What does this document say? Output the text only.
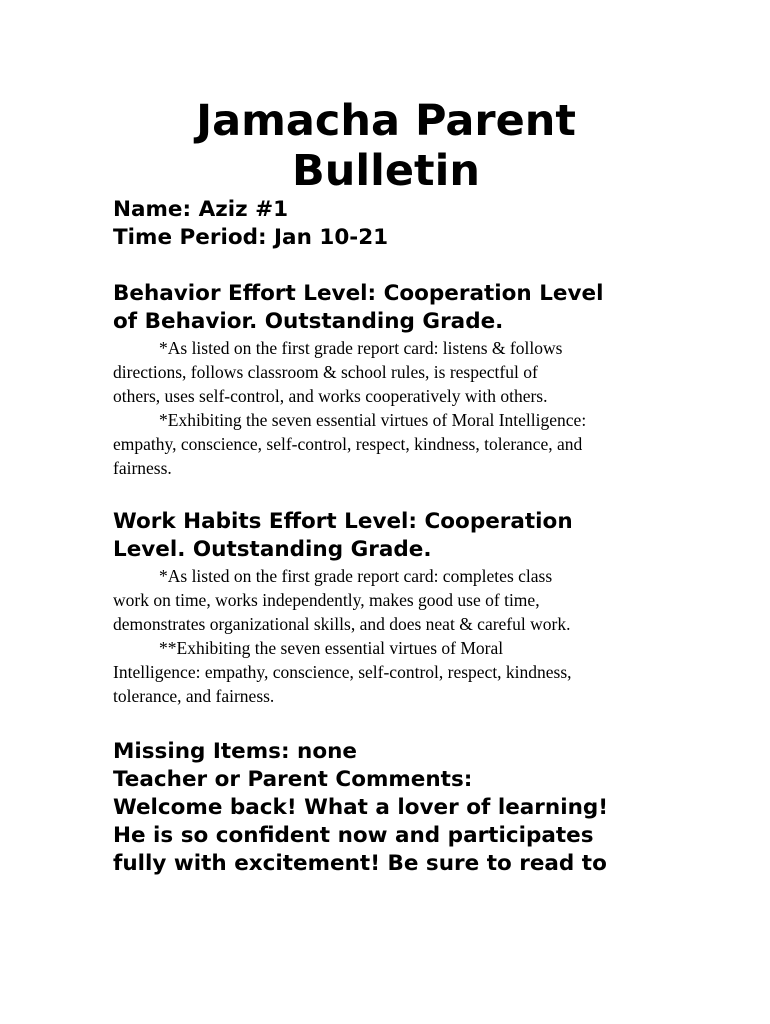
Jamacha Parent
Bulletin
Name: Aziz #1
Time Period: Jan 10-21
Behavior Effort Level: Cooperation Level
of Behavior. Outstanding Grade.
*As listed on the first grade report card: listens & follows
directions, follows classroom & school rules, is respectful of
others, uses self-control, and works cooperatively with others.
*Exhibiting the seven essential virtues of Moral Intelligence:
empathy, conscience, self-control, respect, kindness, tolerance, and
fairness.
Work Habits Effort Level: Cooperation
Level. Outstanding Grade.
*As listed on the first grade report card: completes class
work on time, works independently, makes good use of time,
demonstrates organizational skills, and does neat & careful work.
**Exhibiting the seven essential virtues of Moral
Intelligence: empathy, conscience, self-control, respect, kindness,
tolerance, and fairness.
Missing Items: none
Teacher or Parent Comments:
Welcome back! What a lover of learning!
He is so confident now and participates
fully with excitement! Be sure to read to
